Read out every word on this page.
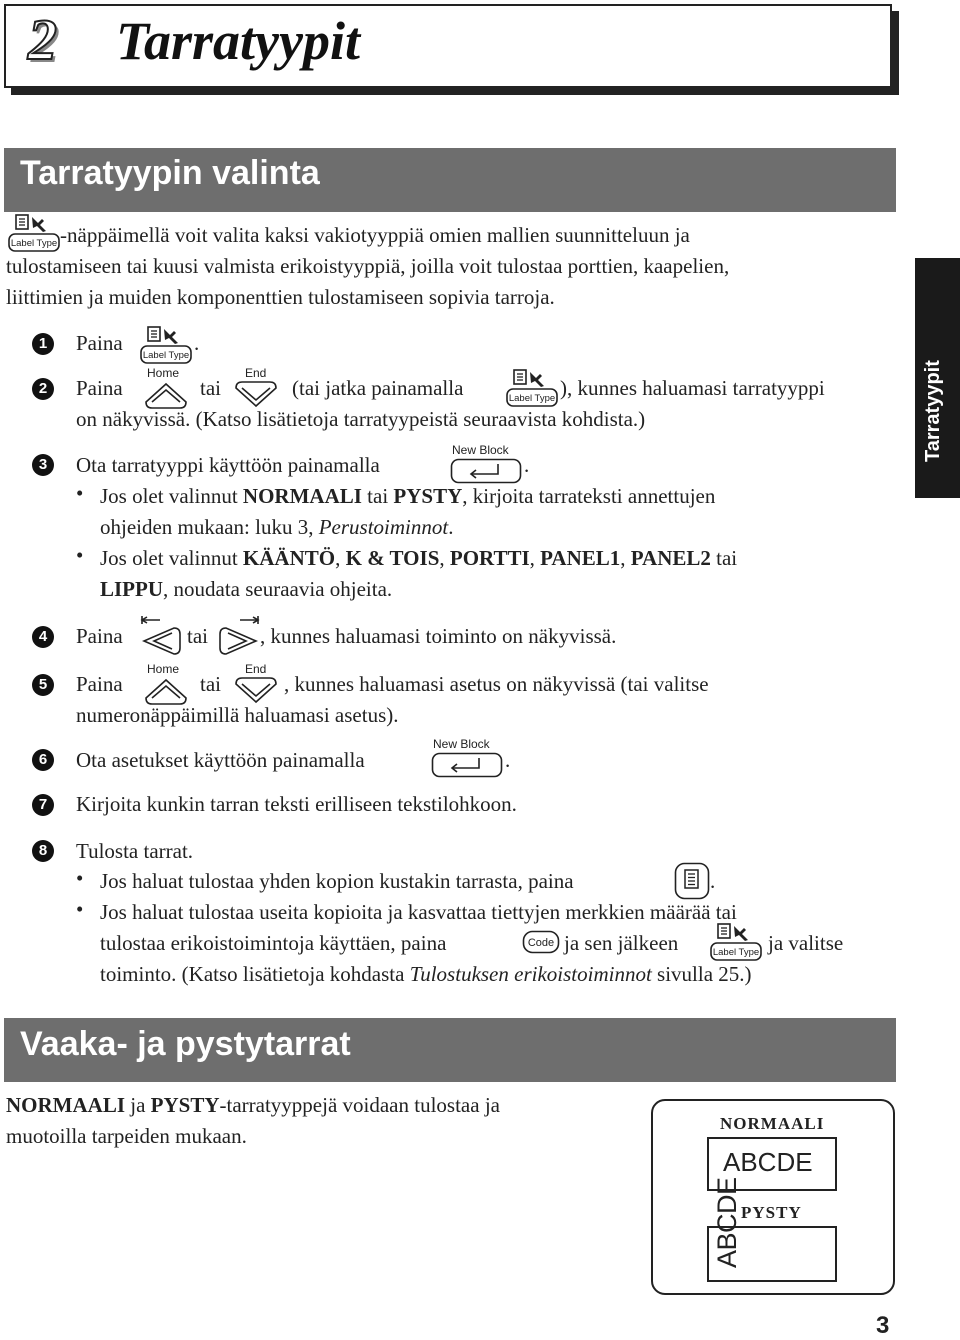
2 Tarratyypit
Tarratyypit
Tarratyypin valinta
Label Type -näppäimellä voit valita kaksi vakiotyyppiä omien mallien suunnitteluun ja
tulostamiseen tai kuusi valmista erikoistyyppiä, joilla voit tulostaa porttien, kaapelien,
liittimien ja muiden komponenttien tulostamiseen sopivia tarroja.
1	Paina
Label Type
.
2	Paina
Home
tai
End
(tai jatka painamalla	Label Type ), kunnes haluamasi tarratyyppi
on näkyvissä. (Katso lisätietoja tarratyypeistä seuraavista kohdista.)
3	Ota tarratyyppi käyttöön painamalla
New Block
.
• Jos olet valinnut NORMAALI tai PYSTY, kirjoita tarrateksti annettujen
ohjeiden mukaan: luku 3, Perustoiminnot.
• Jos olet valinnut KÄÄNTÖ, K & TOIS, PORTTI, PANEL1, PANEL2 tai
LIPPU, noudata seuraavia ohjeita.
4	Paina	tai , kunnes haluamasi toiminto on näkyvissä.
5	Paina
Home
tai
End
, kunnes haluamasi asetus on näkyvissä (tai valitse
numeronäppäimillä haluamasi asetus).
6	Ota asetukset käyttöön painamalla
New Block
.
7	Kirjoita kunkin tarran teksti erilliseen tekstilohkoon.
8	Tulosta tarrat.
• Jos haluat tulostaa yhden kopion kustakin tarrasta, paina	.
• Jos haluat tulostaa useita kopioita ja kasvattaa tiettyjen merkkien määrää tai
tulostaa erikoistoimintoja käyttäen, paina	Code ja sen jälkeen	Label Type ja valitse
toiminto. (Katso lisätietoja kohdasta Tulostuksen erikoistoiminnot sivulla 25.)
Vaaka- ja pystytarrat
NORMAALI ja PYSTY-tarratyyppejä voidaan tulostaa ja
muotoilla tarpeiden mukaan.
NORMAALI
ABCDE
PYSTY
ABCDE
3
